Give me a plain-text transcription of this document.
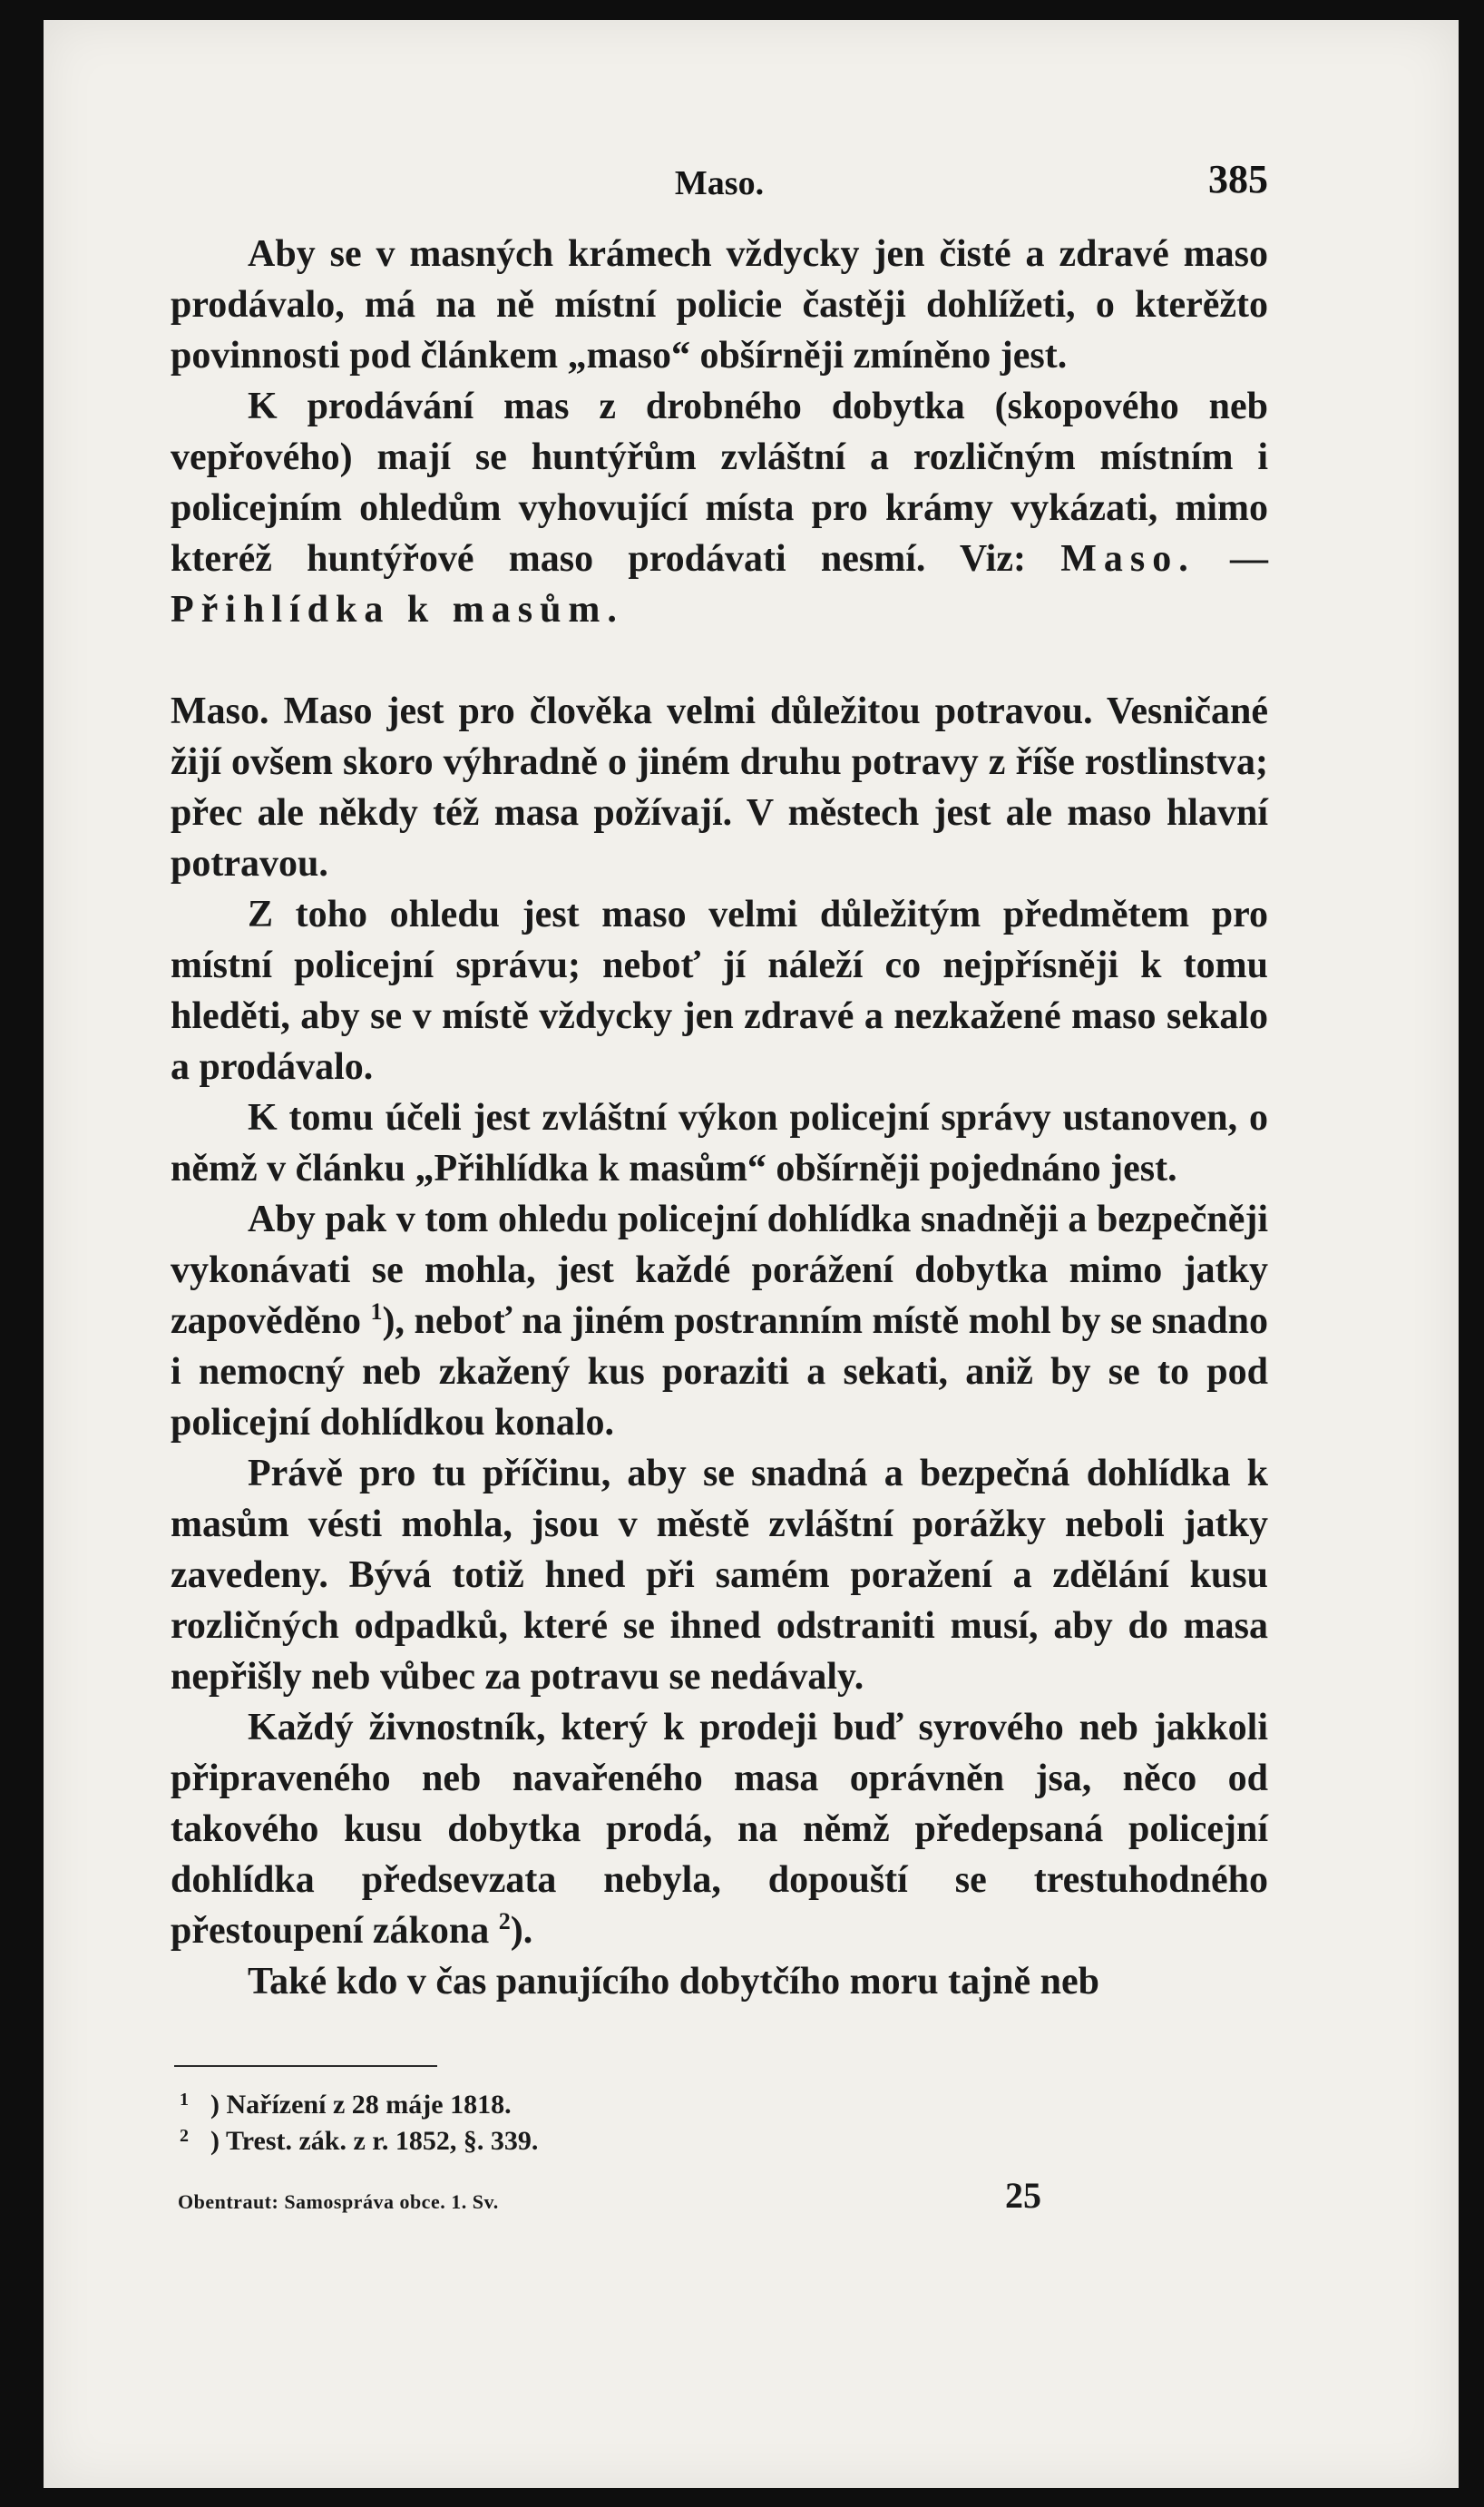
Maso.	385

Aby se v masných krámech vždycky jen čisté a zdravé maso prodávalo, má na ně místní policie častěji dohlížeti, o kterěžto povinnosti pod článkem „maso“ obšírněji zmíněno jest.

K prodávání mas z drobného dobytka (skopového neb vepřového) mají se huntýřům zvláštní a rozličným místním i policejním ohledům vyhovující místa pro krámy vykázati, mimo kteréž huntýřové maso prodávati nesmí. Viz: Maso. — Přihlídka k masům.

Maso. Maso jest pro člověka velmi důležitou potravou. Vesničané žijí ovšem skoro výhradně o jiném druhu potravy z říše rostlinstva; přec ale někdy též masa požívají. V městech jest ale maso hlavní potravou.

Z toho ohledu jest maso velmi důležitým předmětem pro místní policejní správu; neboť jí náleží co nejpřísněji k tomu hleděti, aby se v místě vždycky jen zdravé a nezkažené maso sekalo a prodávalo.

K tomu účeli jest zvláštní výkon policejní správy ustanoven, o němž v článku „Přihlídka k masům“ obšírněji pojednáno jest.

Aby pak v tom ohledu policejní dohlídka snadněji a bezpečněji vykonávati se mohla, jest každé porážení dobytka mimo jatky zapověděno $^1$), neboť na jiném postranním místě mohl by se snadno i nemocný neb zkažený kus poraziti a sekati, aniž by se to pod policejní dohlídkou konalo.

Právě pro tu příčinu, aby se snadná a bezpečná dohlídka k masům vésti mohla, jsou v městě zvláštní porážky neboli jatky zavedeny. Bývá totiž hned při samém poražení a zdělání kusu rozličných odpadků, které se ihned odstraniti musí, aby do masa nepřišly neb vůbec za potravu se nedávaly.

Každý živnostník, který k prodeji buď syrového neb jakkoli připraveného neb navařeného masa oprávněn jsa, něco od takového kusu dobytka prodá, na němž předepsaná policejní dohlídka předsevzata nebyla, dopouští se trestuhodného přestoupení zákona $^2$).

Také kdo v čas panujícího dobytčího moru tajně neb

1 ) Nařízení z 28 máje 1818.
2 ) Trest. zák. z r. 1852, §. 339.
Obentraut: Samospráva obce. 1. Sv.	25
